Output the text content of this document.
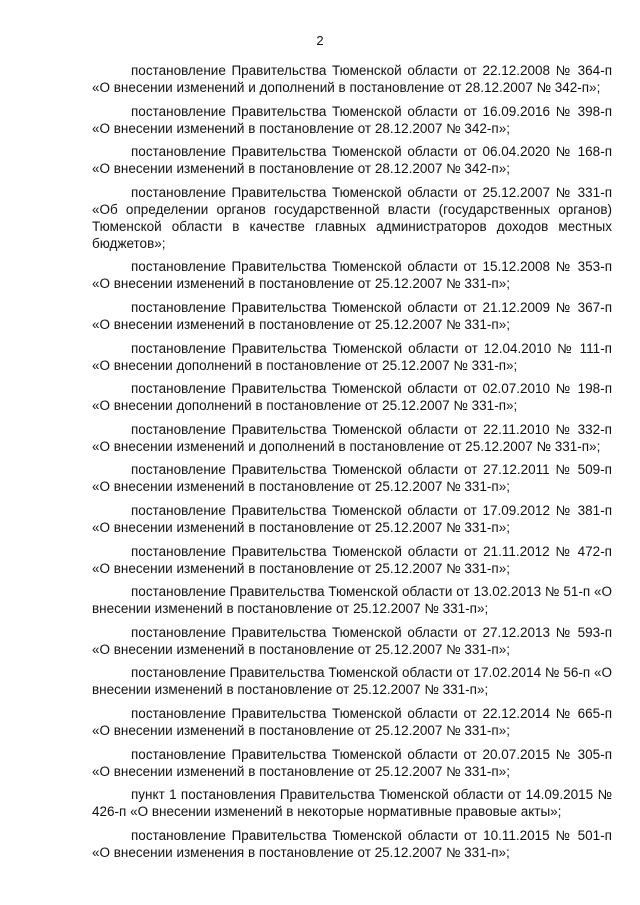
2

постановление Правительства Тюменской области от 22.12.2008 № 364-п «О внесении изменений и дополнений в постановление от 28.12.2007 № 342-п»;

постановление Правительства Тюменской области от 16.09.2016 № 398-п «О внесении изменений в постановление от 28.12.2007 № 342-п»;

постановление Правительства Тюменской области от 06.04.2020 № 168-п «О внесении изменений в постановление от 28.12.2007 № 342-п»;

постановление Правительства Тюменской области от 25.12.2007 № 331-п «Об определении органов государственной власти (государственных органов) Тюменской области в качестве главных администраторов доходов местных бюджетов»;

постановление Правительства Тюменской области от 15.12.2008 № 353-п «О внесении изменений в постановление от 25.12.2007 № 331-п»;

постановление Правительства Тюменской области от 21.12.2009 № 367-п «О внесении изменений в постановление от 25.12.2007 № 331-п»;

постановление Правительства Тюменской области от 12.04.2010 № 111-п «О внесении дополнений в постановление от 25.12.2007 № 331-п»;

постановление Правительства Тюменской области от 02.07.2010 № 198-п «О внесении дополнений в постановление от 25.12.2007 № 331-п»;

постановление Правительства Тюменской области от 22.11.2010 № 332-п «О внесении изменений и дополнений в постановление от 25.12.2007 № 331-п»;

постановление Правительства Тюменской области от 27.12.2011 № 509-п «О внесении изменений в постановление от 25.12.2007 № 331-п»;

постановление Правительства Тюменской области от 17.09.2012 № 381-п «О внесении изменений в постановление от 25.12.2007 № 331-п»;

постановление Правительства Тюменской области от 21.11.2012 № 472-п «О внесении изменений в постановление от 25.12.2007 № 331-п»;

постановление Правительства Тюменской области от 13.02.2013 № 51-п «О внесении изменений в постановление от 25.12.2007 № 331-п»;

постановление Правительства Тюменской области от 27.12.2013 № 593-п «О внесении изменений в постановление от 25.12.2007 № 331-п»;

постановление Правительства Тюменской области от 17.02.2014 № 56-п «О внесении изменений в постановление от 25.12.2007 № 331-п»;

постановление Правительства Тюменской области от 22.12.2014 № 665-п «О внесении изменений в постановление от 25.12.2007 № 331-п»;

постановление Правительства Тюменской области от 20.07.2015 № 305-п «О внесении изменений в постановление от 25.12.2007 № 331-п»;

пункт 1 постановления Правительства Тюменской области от 14.09.2015 № 426-п «О внесении изменений в некоторые нормативные правовые акты»;

постановление Правительства Тюменской области от 10.11.2015 № 501-п «О внесении изменения в постановление от 25.12.2007 № 331-п»;
